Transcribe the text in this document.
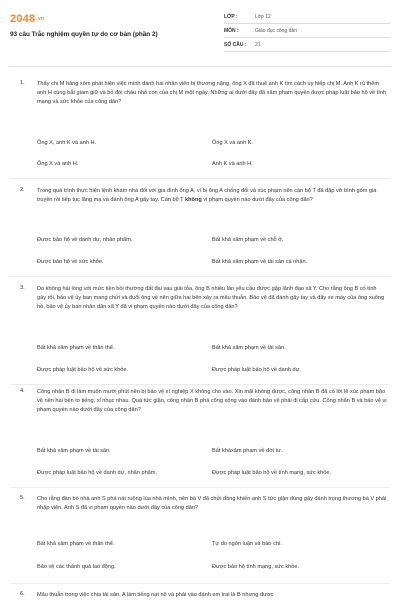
2048.vn
93 câu Trắc nghiệm quyền tự do cơ bản (phần 2)
LỚP :	Lớp 12
MÔN :	Giáo dục công dân
SỐ CÂU :	21
1. Thấy chị M hàng xóm phát hiện việc mình đánh hai nhân viên bị thương nặng, ông X đã thuê anh K tìm cách uy hiếp chị M. Anh K rủ thêm anh H cùng bắt giam giữ và bỏ đói cháu nhỏ con của chị M một ngày. Những ai dưới đây đã xâm phạm quyền được pháp luật bảo hộ về tính mạng và sức khỏe của công dân?
Ông X, anh K và anh H.	Ông X và anh K.
Ông X và anh H.	Anh K và anh H.
2. Trong quá trình thực hiện lệnh khám nhà đối với gia đình ông A, vì bị ông A chống đối và xúc phạm nên cán bộ T đã đập vỡ bình gốm gia truyền rồi tiếp tục lăng mạ và đánh ông A gãy tay. Cán bộ T không vi phạm quyền nào dưới đây của công dân?
Được bảo hộ về danh dự, nhân phẩm.	Bất khả xâm phạm về chỗ ở.
Được bảo hộ về sức khỏe.	Bất khả xâm phạm về tài sản cá nhân.
3. Do không hài lòng với mức tiền bồi thường đất đai sau giải tỏa, ông B nhiều lần yêu cầu được gặp lãnh đạo xã Y. Cho rằng ông B cố tình gây rối, bảo vệ ủy ban mang chửi và đuổi ông về nên giữa hai bên xảy ra mâu thuẫn. Bảo vệ đã đánh gãy tay và đẩy xe máy của ông xuống hồ, bảo vệ ủy ban nhân dân xã Y đã vi phạm quyền nào dưới đây của công dân?
Bất khả xâm phạm về thân thể.	Bất khả xâm phạm về tài sản.
Được pháp luật bảo hộ về sức khỏe.	Được pháp luật bảo hộ về danh dự.
4. Công nhân B đi làm muộn mười phút nên bị bảo vệ xí nghiệp X không cho vào. Xin mãi không được, công nhân B đã cố lời lẽ xúc phạm bảo vệ nên hai bên to tiếng, xỉ nhục nhau. Quá tức giận, công nhân B phá cổng xông vào đánh bảo vệ phải đi cấp cứu. Công nhân B và bảo vệ vi phạm quyền nào dưới đây của công dân?
Bất khả xâm phạm về tài sản.	Bất khảxâm phạm về đời tư.
Được pháp luật bảo hộ về danh dự, nhân phẩm.	Được pháp luật bảo hộ về tính mạng, sức khỏe.
5. Cho rằng đàn bò nhà anh S phá nát ruộng lúa nhà mình, nên bà V đã chửi đồng khiến anh S tức giận dùng gậy đánh trọng thương bà V phải nhập viện. Anh S đã vi phạm quyền nào dưới đây của công dân?
Bất khả xâm phạm về thân thể.	Tự do ngôn luận và báo chí.
Bảo vệ các thành quả lao động.	Được bảo hộ tính mạng, sức khỏe.
6. Mâu thuẫn trong việc chia tài sản, A làm tiếng nạt nộ và phải vào đánh em trai là B nhưng được
